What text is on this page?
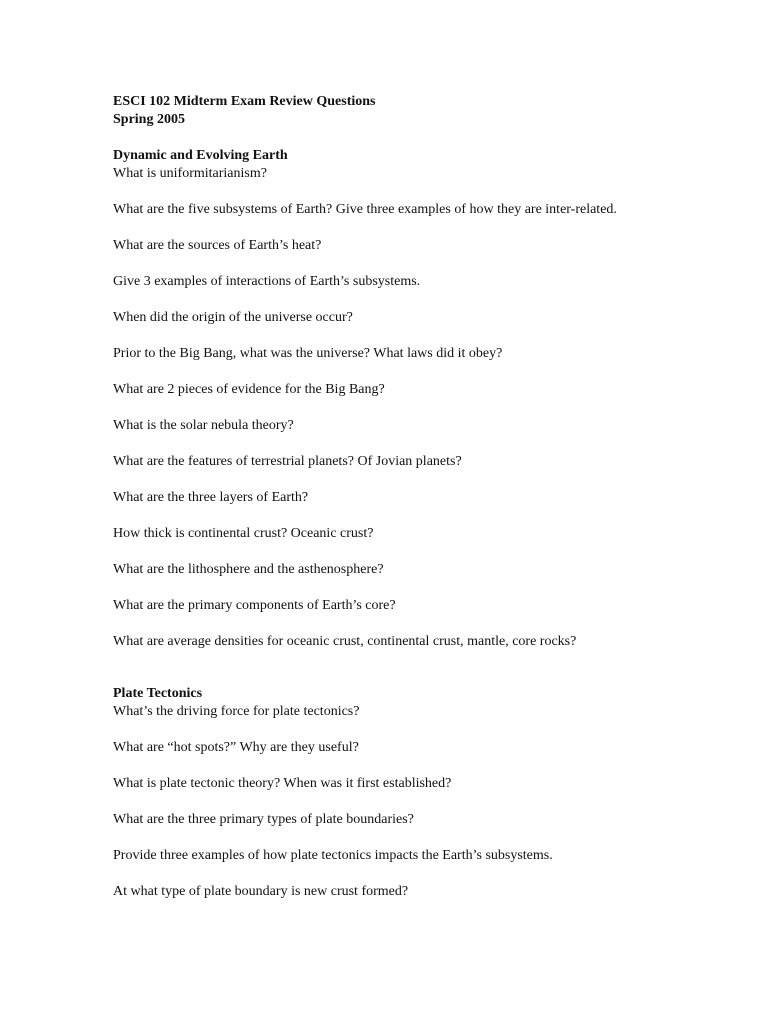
ESCI 102 Midterm Exam Review Questions

Spring 2005

Dynamic and Evolving Earth

What is uniformitarianism?

What are the five subsystems of Earth? Give three examples of how they are inter-related.

What are the sources of Earth’s heat?

Give 3 examples of interactions of Earth’s subsystems.

When did the origin of the universe occur?

Prior to the Big Bang, what was the universe? What laws did it obey?

What are 2 pieces of evidence for the Big Bang?

What is the solar nebula theory?

What are the features of terrestrial planets? Of Jovian planets?

What are the three layers of Earth?

How thick is continental crust? Oceanic crust?

What are the lithosphere and the asthenosphere?

What are the primary components of Earth’s core?

What are average densities for oceanic crust, continental crust, mantle, core rocks?

Plate Tectonics

What’s the driving force for plate tectonics?

What are “hot spots?” Why are they useful?

What is plate tectonic theory? When was it first established?

What are the three primary types of plate boundaries?

Provide three examples of how plate tectonics impacts the Earth’s subsystems.

At what type of plate boundary is new crust formed?
